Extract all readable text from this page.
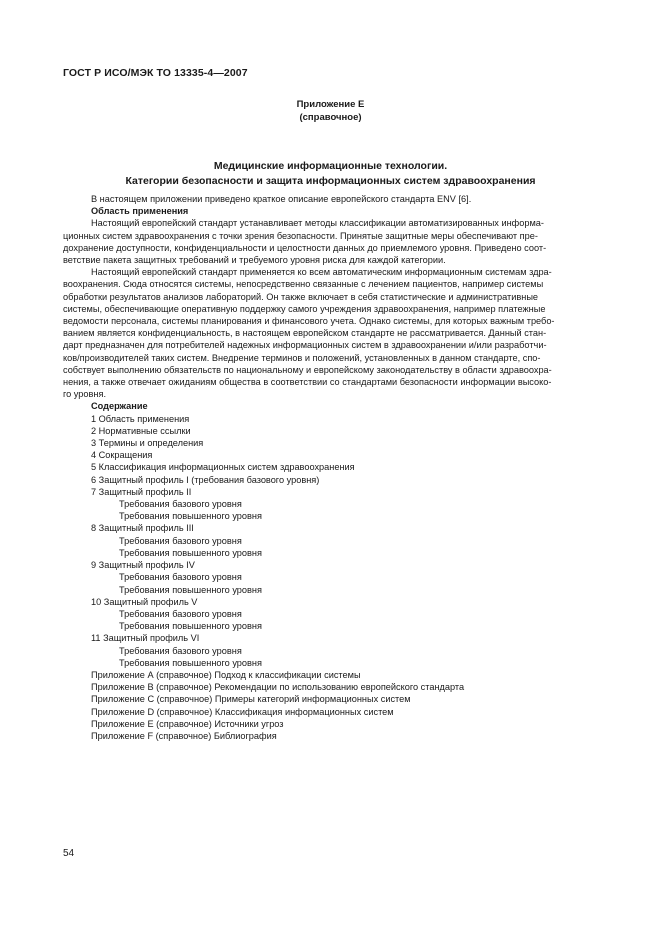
ГОСТ Р ИСО/МЭК ТО 13335-4—2007
Приложение Е
(справочное)
Медицинские информационные технологии.
Категории безопасности и защита информационных систем здравоохранения

В настоящем приложении приведено краткое описание европейского стандарта ENV [6].

Область применения

Настоящий европейский стандарт устанавливает методы классификации автоматизированных информа-

ционных систем здравоохранения с точки зрения безопасности. Принятые защитные меры обеспечивают пре-

дохранение доступности, конфиденциальности и целостности данных до приемлемого уровня. Приведено соот-

ветствие пакета защитных требований и требуемого уровня риска для каждой категории.

Настоящий европейский стандарт применяется ко всем автоматическим информационным системам здра-

воохранения. Сюда относятся системы, непосредственно связанные с лечением пациентов, например системы

обработки результатов анализов лабораторий. Он также включает в себя статистические и административные

системы, обеспечивающие оперативную поддержку самого учреждения здравоохранения, например платежные

ведомости персонала, системы планирования и финансового учета. Однако системы, для которых важным требо-

ванием является конфиденциальность, в настоящем европейском стандарте не рассматривается. Данный стан-

дарт предназначен для потребителей надежных информационных систем в здравоохранении и/или разработчи-

ков/производителей таких систем. Внедрение терминов и положений, установленных в данном стандарте, спо-

собствует выполнению обязательств по национальному и европейскому законодательству в области здравоохра-

нения, а также отвечает ожиданиям общества в соответствии со стандартами безопасности информации высоко-

го уровня.

Содержание

1 Область применения
2 Нормативные ссылки
3 Термины и определения
4 Сокращения
5 Классификация информационных систем здравоохранения
6 Защитный профиль I (требования базового уровня)
7 Защитный профиль II
Требования базового уровня
Требования повышенного уровня
8 Защитный профиль III
Требования базового уровня
Требования повышенного уровня
9 Защитный профиль IV
Требования базового уровня
Требования повышенного уровня
10 Защитный профиль V
Требования базового уровня
Требования повышенного уровня
11 Защитный профиль VI
Требования базового уровня
Требования повышенного уровня
Приложение А (справочное) Подход к классификации системы
Приложение В (справочное) Рекомендации по использованию европейского стандарта
Приложение С (справочное) Примеры категорий информационных систем
Приложение D (справочное) Классификация информационных систем
Приложение Е (справочное) Источники угроз
Приложение F (справочное) Библиография
54
